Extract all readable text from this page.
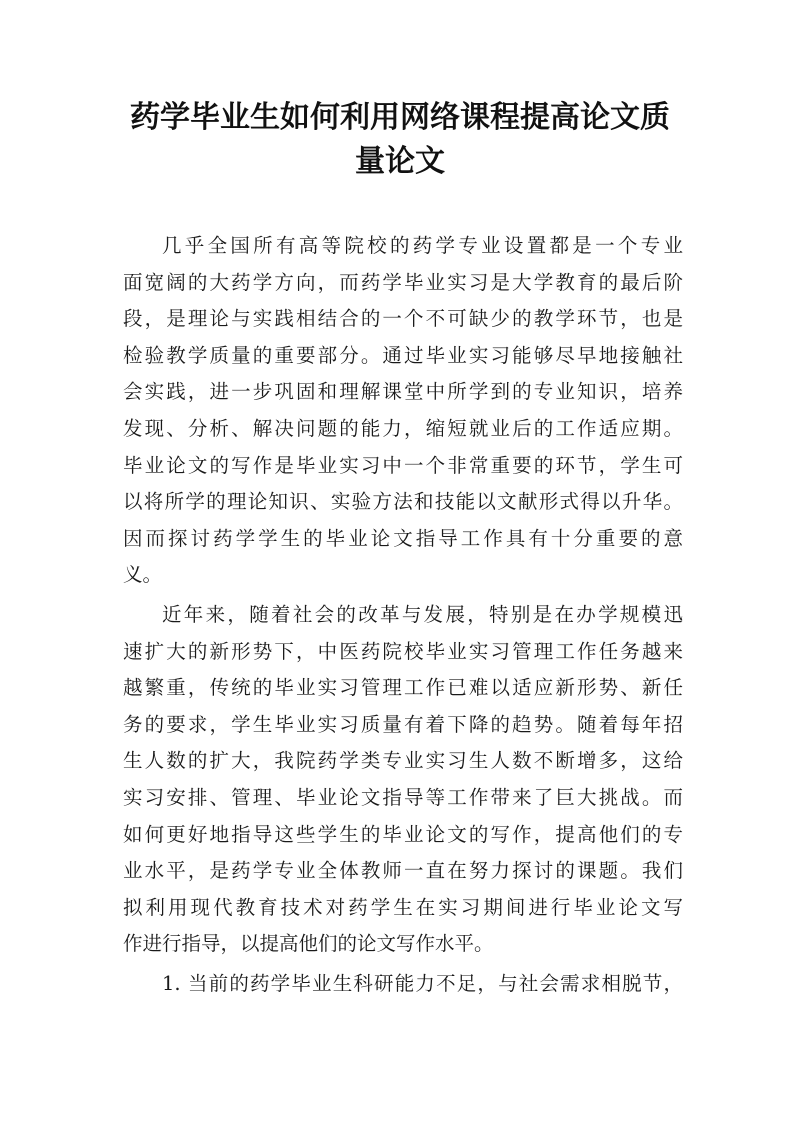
药学毕业生如何利用网络课程提高论文质
量论文
几乎全国所有高等院校的药学专业设置都是一个专业
面宽阔的大药学方向，而药学毕业实习是大学教育的最后阶
段，是理论与实践相结合的一个不可缺少的教学环节，也是
检验教学质量的重要部分。通过毕业实习能够尽早地接触社
会实践，进一步巩固和理解课堂中所学到的专业知识，培养
发现、分析、解决问题的能力，缩短就业后的工作适应期。
毕业论文的写作是毕业实习中一个非常重要的环节，学生可
以将所学的理论知识、实验方法和技能以文献形式得以升华。
因而探讨药学学生的毕业论文指导工作具有十分重要的意
义。
近年来，随着社会的改革与发展，特别是在办学规模迅
速扩大的新形势下，中医药院校毕业实习管理工作任务越来
越繁重，传统的毕业实习管理工作已难以适应新形势、新任
务的要求，学生毕业实习质量有着下降的趋势。随着每年招
生人数的扩大，我院药学类专业实习生人数不断增多，这给
实习安排、管理、毕业论文指导等工作带来了巨大挑战。而
如何更好地指导这些学生的毕业论文的写作，提高他们的专
业水平，是药学专业全体教师一直在努力探讨的课题。我们
拟利用现代教育技术对药学生在实习期间进行毕业论文写
作进行指导，以提高他们的论文写作水平。
1. 当前的药学毕业生科研能力不足，与社会需求相脱节，
